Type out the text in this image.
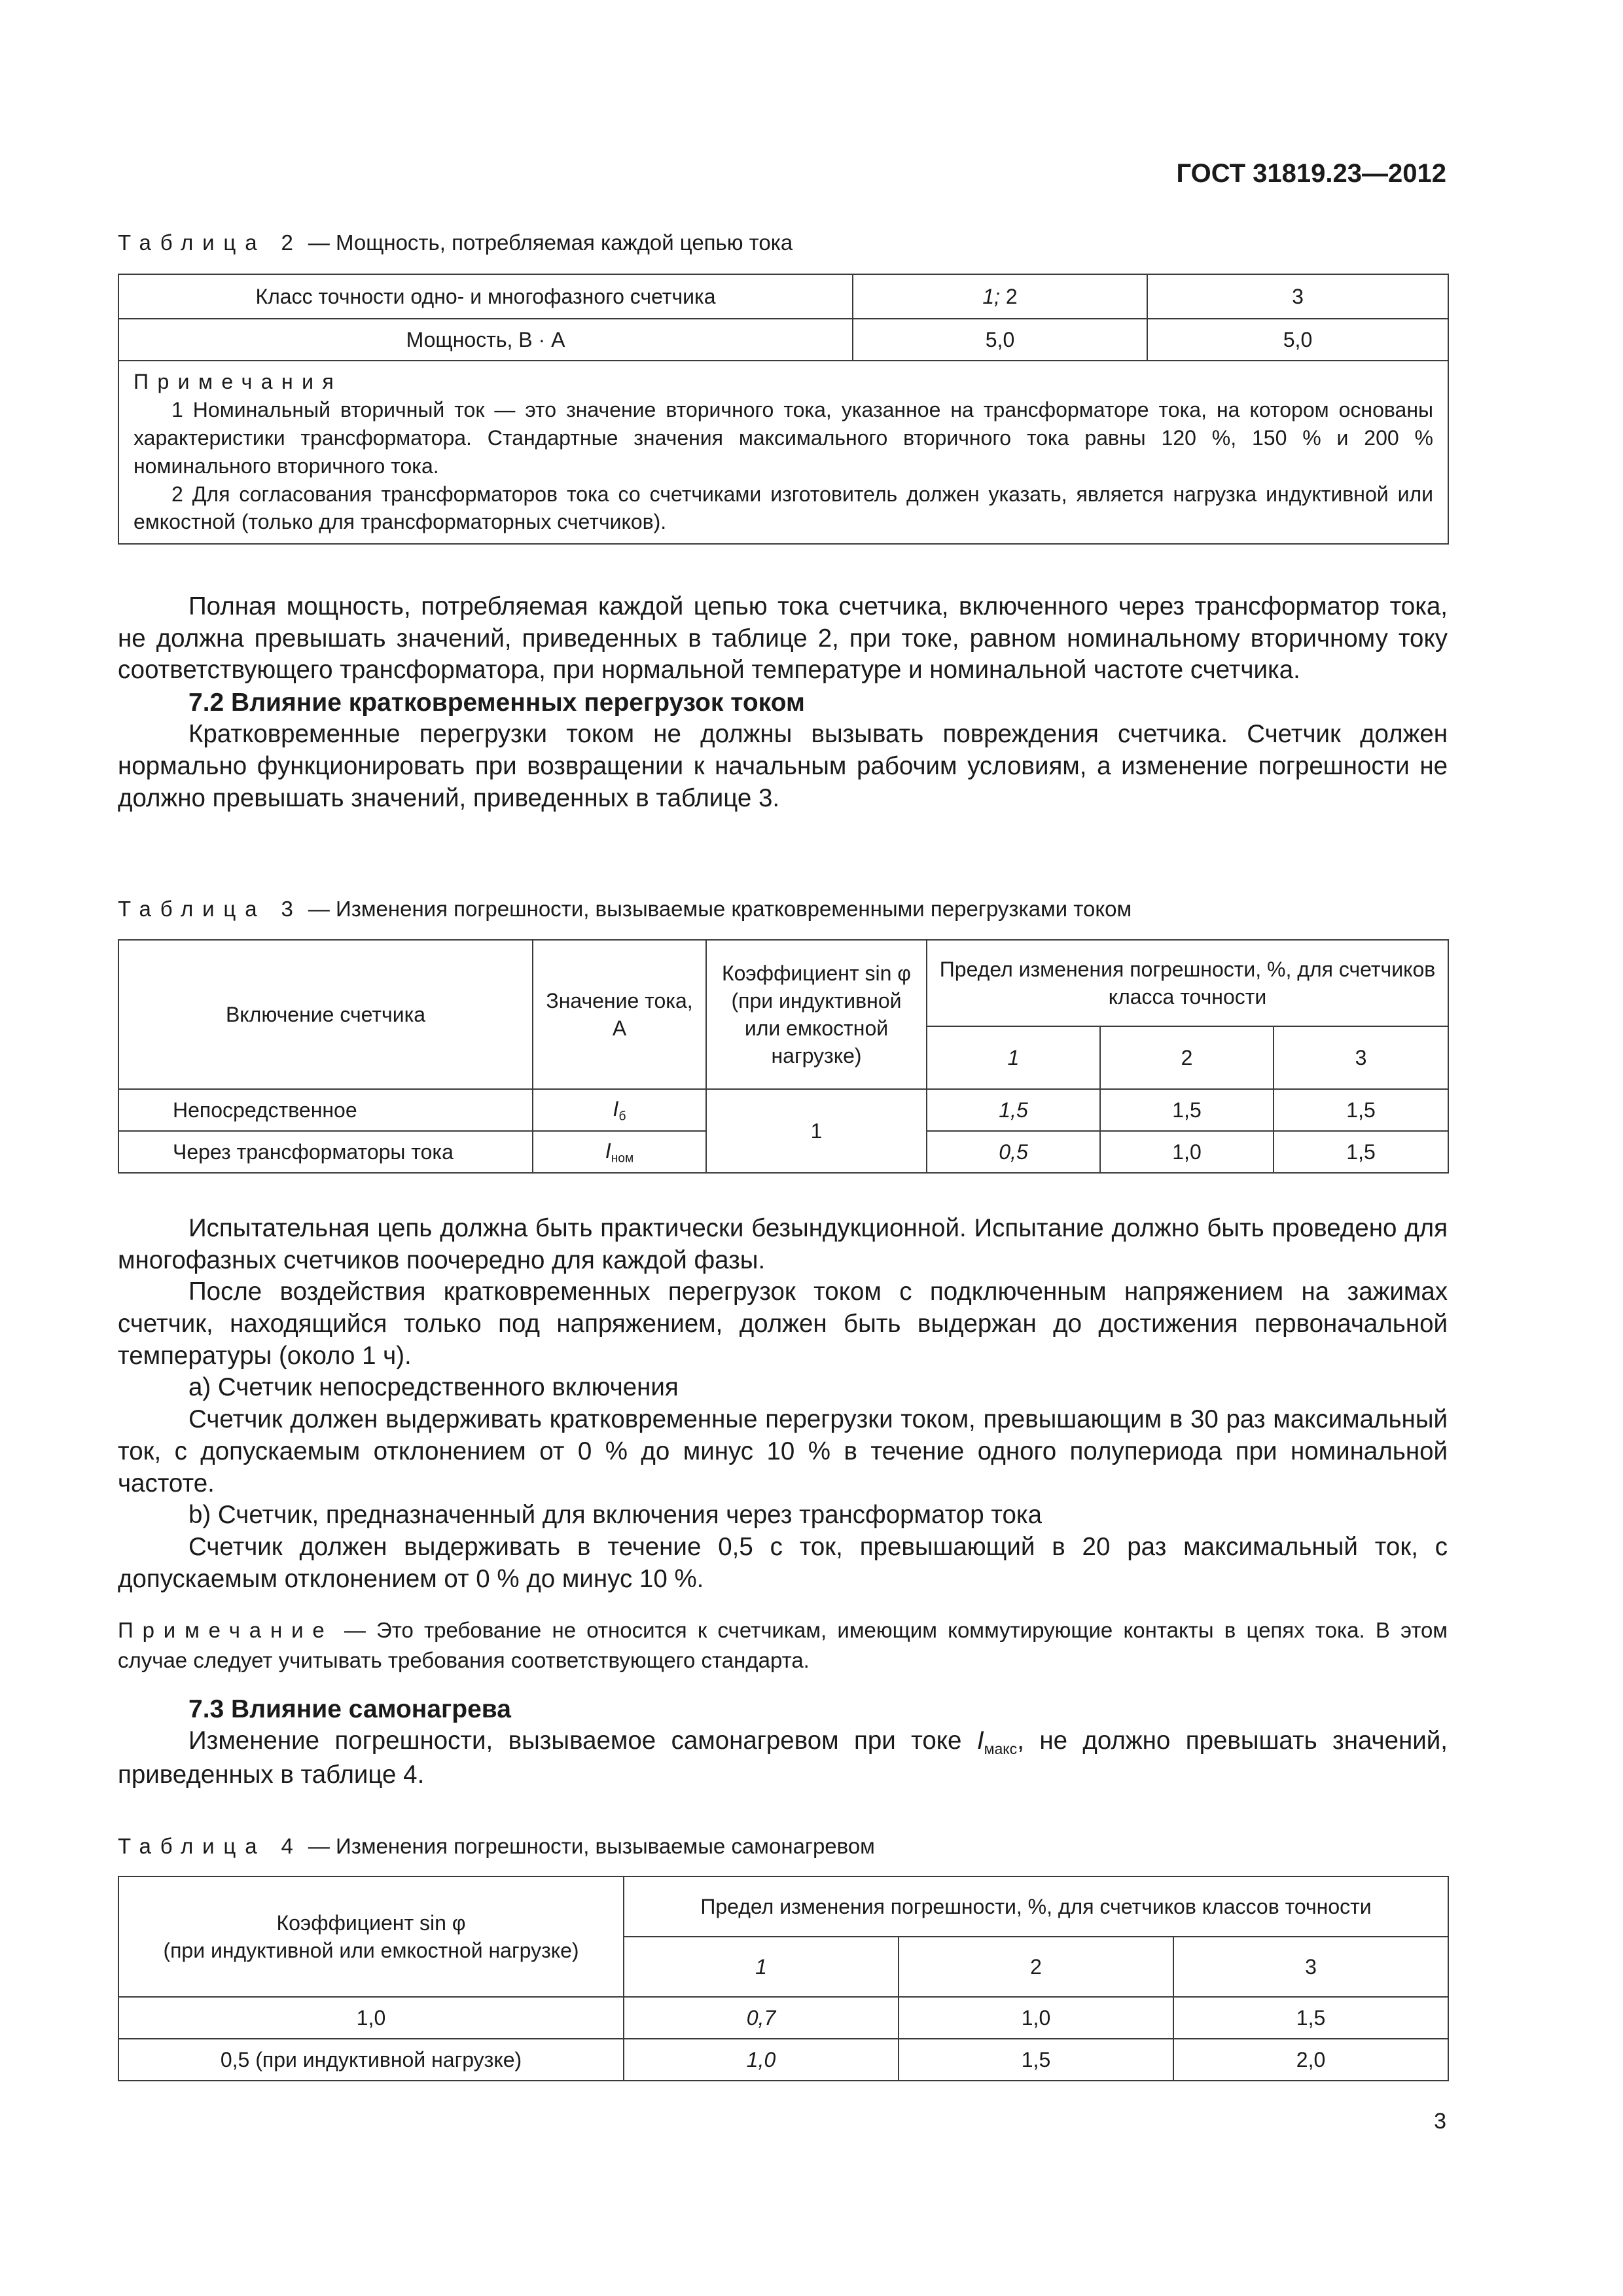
ГОСТ 31819.23—2012
Таблица 2 — Мощность, потребляемая каждой цепью тока
Класс точности одно- и многофазного счетчика	1; 2	3
Мощность, В · А	5,0	5,0
Примечания
1 Номинальный вторичный ток — это значение вторичного тока, указанное на трансформаторе тока, на котором основаны характеристики трансформатора. Стандартные значения максимального вторичного тока равны 120 %, 150 % и 200 % номинального вторичного тока.
2 Для согласования трансформаторов тока со счетчиками изготовитель должен указать, является нагрузка индуктивной или емкостной (только для трансформаторных счетчиков).		

Полная мощность, потребляемая каждой цепью тока счетчика, включенного через трансформатор тока, не должна превышать значений, приведенных в таблице 2, при токе, равном номинальному вторичному току соответствующего трансформатора, при нормальной температуре и номинальной частоте счетчика.

7.2 Влияние кратковременных перегрузок током

Кратковременные перегрузки током не должны вызывать повреждения счетчика. Счетчик должен нормально функционировать при возвращении к начальным рабочим условиям, а изменение погрешности не должно превышать значений, приведенных в таблице 3.

Таблица 3 — Изменения погрешности, вызываемые кратковременными перегрузками током
Включение счетчика	Значение тока, А	Коэффициент sin φ (при индуктивной или емкостной нагрузке)	Предел изменения погрешности, %, для счетчиков класса точности		
			1	2	3
Непосредственное	$I_б$	1	1,5	1,5	1,5
Через трансформаторы тока	$I_{ном}$		0,5	1,0	1,5

Испытательная цепь должна быть практически безындукционной. Испытание должно быть проведено для многофазных счетчиков поочередно для каждой фазы.

После воздействия кратковременных перегрузок током с подключенным напряжением на зажимах счетчик, находящийся только под напряжением, должен быть выдержан до достижения первоначальной температуры (около 1 ч).

а) Счетчик непосредственного включения

Счетчик должен выдерживать кратковременные перегрузки током, превышающим в 30 раз максимальный ток, с допускаемым отклонением от 0 % до минус 10 % в течение одного полупериода при номинальной частоте.

b) Счетчик, предназначенный для включения через трансформатор тока

Счетчик должен выдерживать в течение 0,5 с ток, превышающий в 20 раз максимальный ток, с допускаемым отклонением от 0 % до минус 10 %.

Примечание — Это требование не относится к счетчикам, имеющим коммутирующие контакты в цепях тока. В этом случае следует учитывать требования соответствующего стандарта.

7.3 Влияние самонагрева

Изменение погрешности, вызываемое самонагревом при токе $I_{макс}$, не должно превышать значений, приведенных в таблице 4.

Таблица 4 — Изменения погрешности, вызываемые самонагревом
Коэффициент sin φ
(при индуктивной или емкостной нагрузке)	Предел изменения погрешности, %, для счетчиков классов точности		
	1	2	3
1,0	0,7	1,0	1,5
0,5 (при индуктивной нагрузке)	1,0	1,5	2,0
3
